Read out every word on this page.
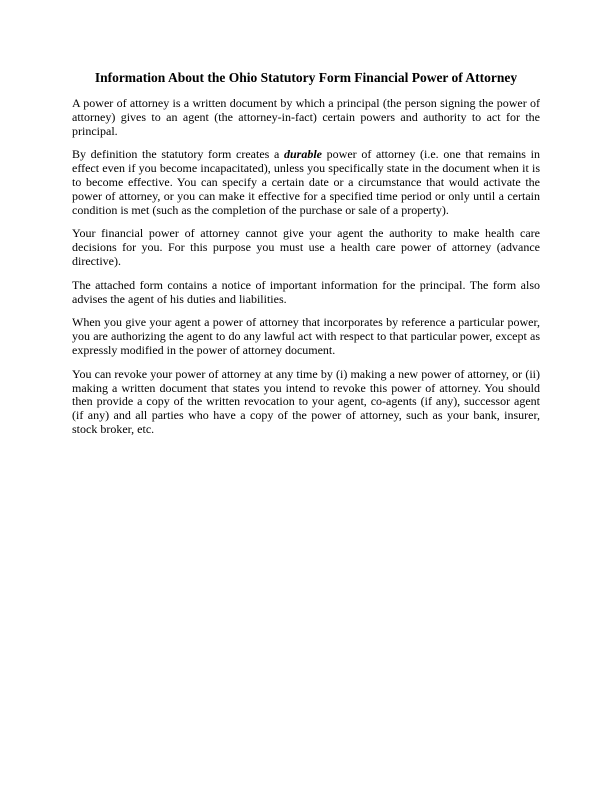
Information About the Ohio Statutory Form Financial Power of Attorney

A power of attorney is a written document by which a principal (the person signing the power of attorney) gives to an agent (the attorney-in-fact) certain powers and authority to act for the principal.

By definition the statutory form creates a durable power of attorney (i.e. one that remains in effect even if you become incapacitated), unless you specifically state in the document when it is to become effective. You can specify a certain date or a circumstance that would activate the power of attorney, or you can make it effective for a specified time period or only until a certain condition is met (such as the completion of the purchase or sale of a property).

Your financial power of attorney cannot give your agent the authority to make health care decisions for you. For this purpose you must use a health care power of attorney (advance directive).

The attached form contains a notice of important information for the principal. The form also advises the agent of his duties and liabilities.

When you give your agent a power of attorney that incorporates by reference a particular power, you are authorizing the agent to do any lawful act with respect to that particular power, except as expressly modified in the power of attorney document.

You can revoke your power of attorney at any time by (i) making a new power of attorney, or (ii) making a written document that states you intend to revoke this power of attorney. You should then provide a copy of the written revocation to your agent, co-agents (if any), successor agent (if any) and all parties who have a copy of the power of attorney, such as your bank, insurer, stock broker, etc.
